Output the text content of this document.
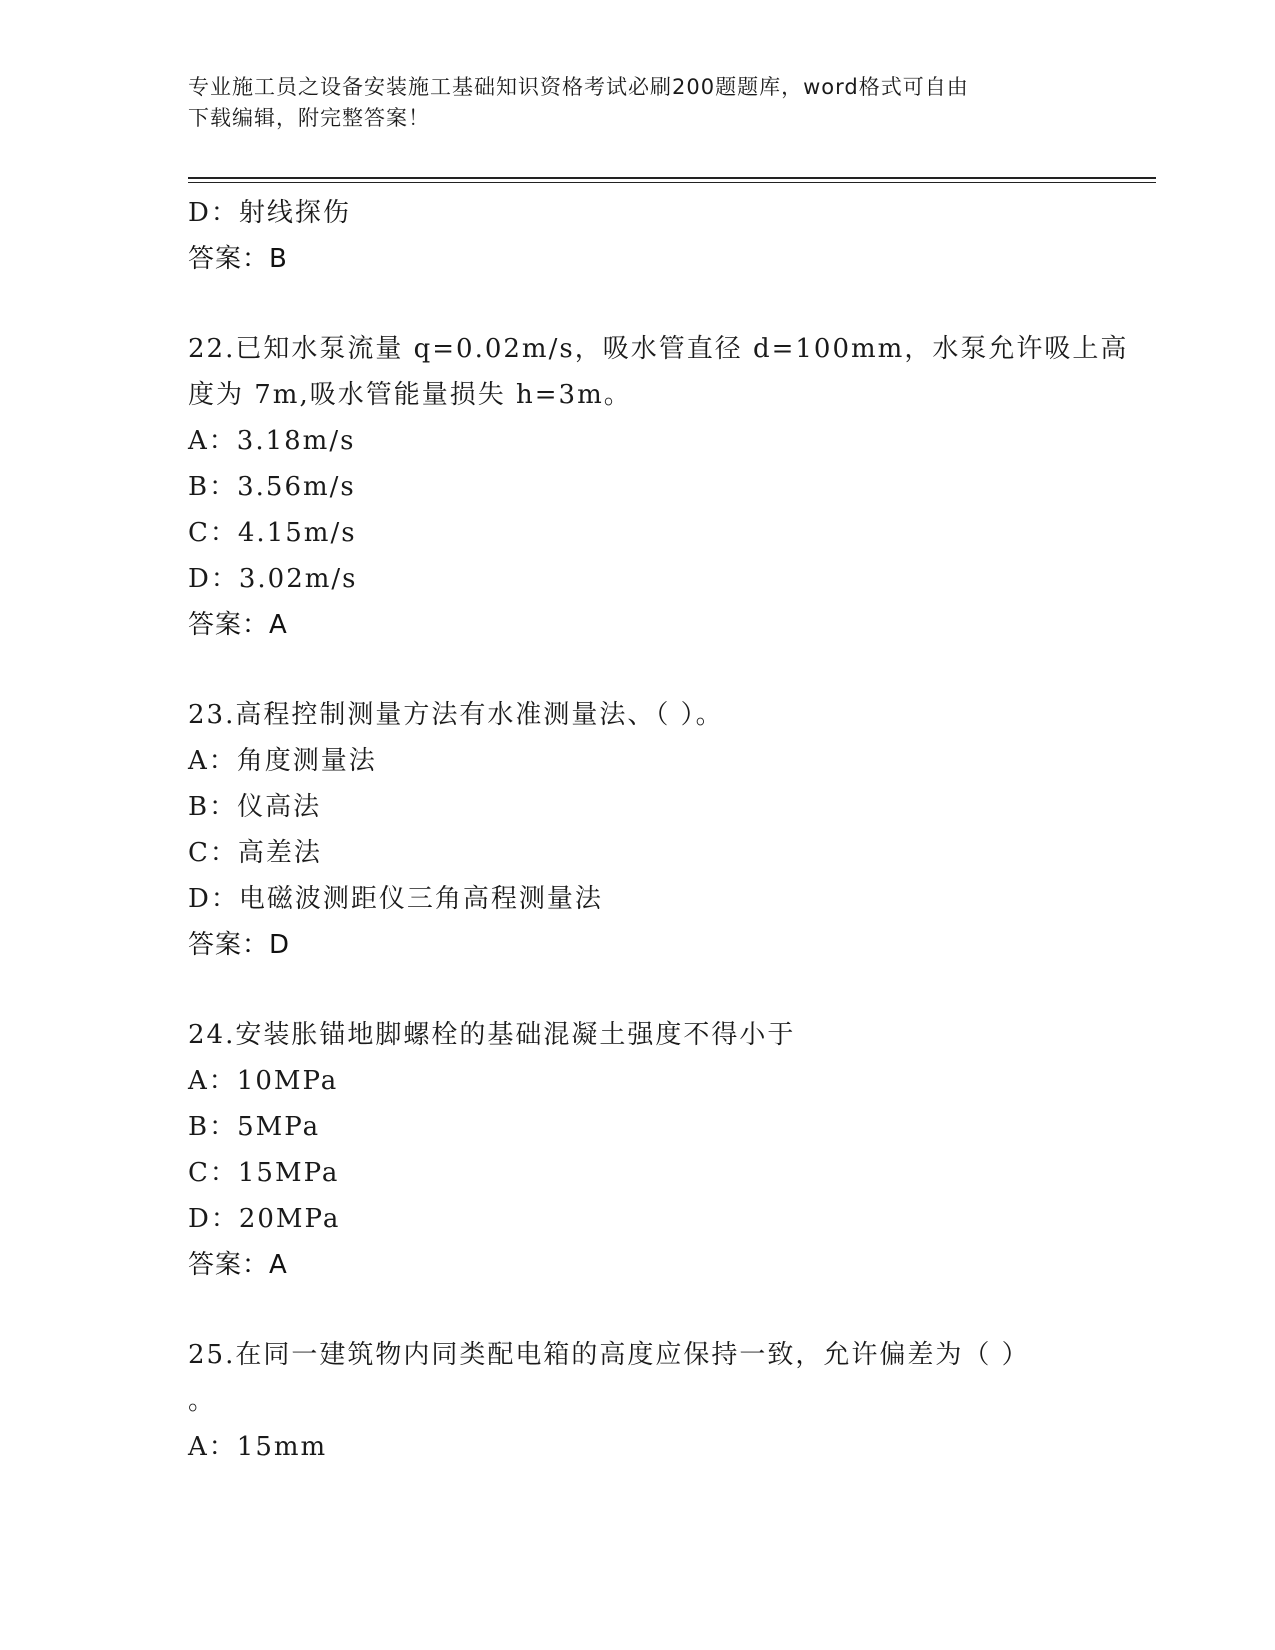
专业施工员之设备安装施工基础知识资格考试必刷200题题库，word格式可自由
下载编辑，附完整答案！
D：射线探伤
答案：B
22.已知水泵流量 q=0.02m/s，吸水管直径 d=100mm，水泵允许吸上高
度为 7m,吸水管能量损失 h=3m。
A：3.18m/s
B：3.56m/s
C：4.15m/s
D：3.02m/s
答案：A
23.高程控制测量方法有水准测量法、（ ）。
A：角度测量法
B：仪高法
C：高差法
D：电磁波测距仪三角高程测量法
答案：D
24.安装胀锚地脚螺栓的基础混凝土强度不得小于
A：10MPa
B：5MPa
C：15MPa
D：20MPa
答案：A
25.在同一建筑物内同类配电箱的高度应保持一致，允许偏差为（ ）
。
A：15mm
